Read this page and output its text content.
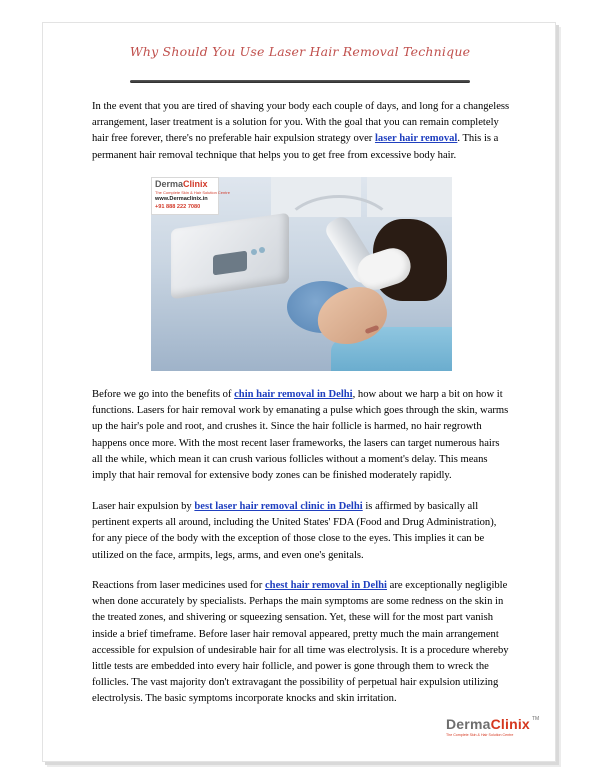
Why Should You Use Laser Hair Removal Technique

In the event that you are tired of shaving your body each couple of days, and long for a changeless arrangement, laser treatment is a solution for you. With the goal that you can remain completely hair free forever, there's no preferable hair expulsion strategy over laser hair removal. This is a permanent hair removal technique that helps you to get free from excessive body hair.

DermaClinix
The Complete Skin & Hair Solution Centre
www.Dermaclinix.in
+91 888 222 7080

Before we go into the benefits of chin hair removal in Delhi, how about we harp a bit on how it functions. Lasers for hair removal work by emanating a pulse which goes through the skin, warms up the hair's pole and root, and crushes it. Since the hair follicle is harmed, no hair regrowth happens once more. With the most recent laser frameworks, the lasers can target numerous hairs all the while, which mean it can crush various follicles without a moment's delay. This means imply that hair removal for extensive body zones can be finished moderately rapidly.

Laser hair expulsion by best laser hair removal clinic in Delhi is affirmed by basically all pertinent experts all around, including the United States' FDA (Food and Drug Administration), for any piece of the body with the exception of those close to the eyes. This implies it can be utilized on the face, armpits, legs, arms, and even one's genitals.

Reactions from laser medicines used for chest hair removal in Delhi are exceptionally negligible when done accurately by specialists. Perhaps the main symptoms are some redness on the skin in the treated zones, and shivering or squeezing sensation. Yet, these will for the most part vanish inside a brief timeframe. Before laser hair removal appeared, pretty much the main arrangement accessible for expulsion of undesirable hair for all time was electrolysis. It is a procedure whereby little tests are embedded into every hair follicle, and power is gone through them to wreck the follicles. The vast majority don't extravagant the possibility of perpetual hair expulsion utilizing electrolysis. The basic symptoms incorporate knocks and skin irritation.

DermaClinix TM
The Complete Skin & Hair Solution Centre
